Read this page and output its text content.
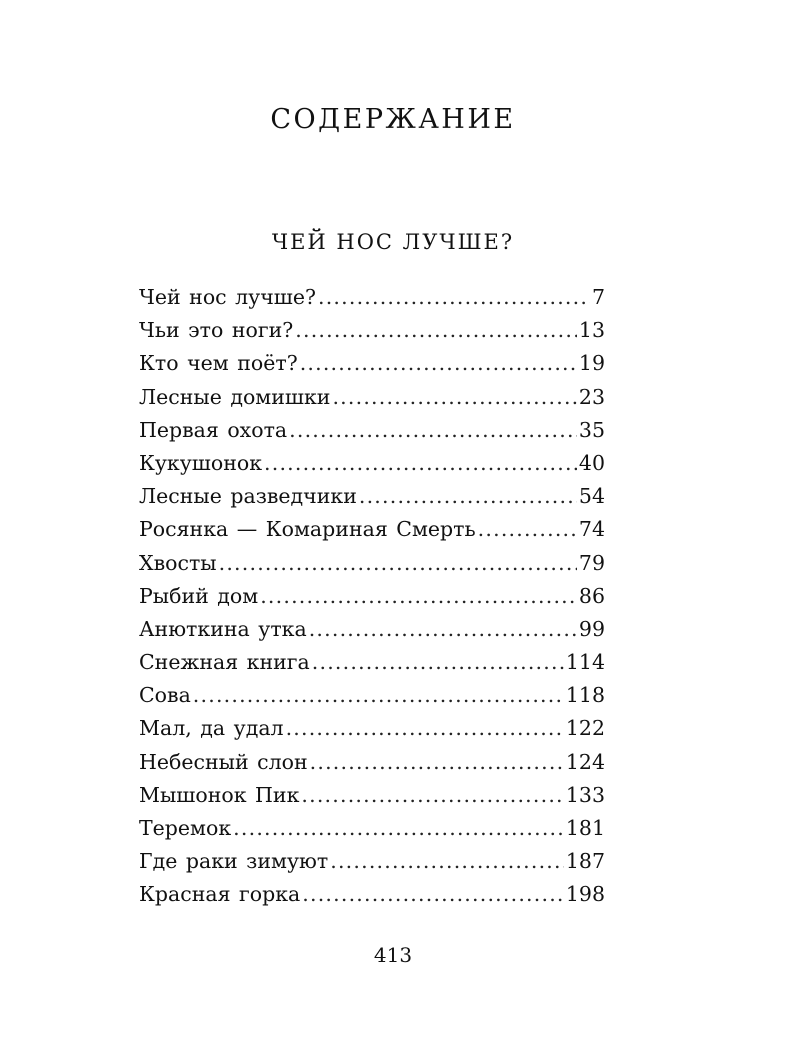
СОДЕРЖАНИЕ
ЧЕЙ НОС ЛУЧШЕ?
Чей нос лучше? .....	7
Чьи это ноги? .....	13
Кто чем поёт? .....	19
Лесные домишки .....	23
Первая охота .....	35
Кукушонок .....	40
Лесные разведчики .....	54
Росянка — Комариная Смерть .....	74
Хвосты .....	79
Рыбий дом .....	86
Анюткина утка .....	99
Снежная книга .....	114
Сова .....	118
Мал, да удал .....	122
Небесный слон .....	124
Мышонок Пик .....	133
Теремок .....	181
Где раки зимуют .....	187
Красная горка .....	198
413
